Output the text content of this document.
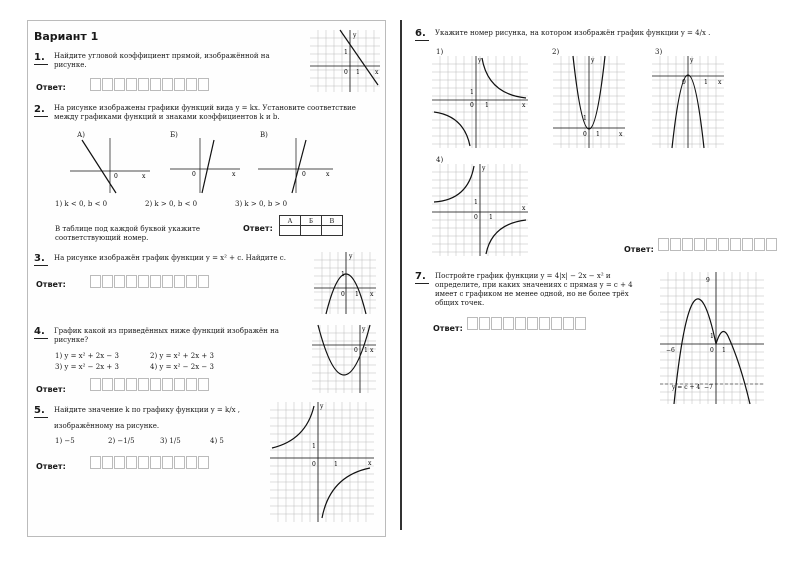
Вариант 1
1. Найдите угловой коэффициент прямой, изображённой на рисунке.
Ответ:
y
x
0 1
1
2. На рисунке изображены графики функций вида y = kx. Установите соответствие между графиками функций и знаками коэффициентов k и b.
А)	Б)	В)
0	x	0	x	0	x
1) k < 0, b < 0	2) k > 0, b < 0	3) k > 0, b > 0
В таблице под каждой буквой укажите соответствующий номер.
Ответ:
А	Б	В

3. На рисунке изображён график функции y = x² + c. Найдите c.
Ответ:
y
x
0 1
1
4. График какой из приведённых ниже функций изображён на рисунке?
1) y = x² + 2x − 3	2) y = x² + 2x + 3
3) y = x² − 2x + 3	4) y = x² − 2x − 3
Ответ:
y
x
0 1
5. Найдите значение k по графику функции y = k/x ,
изображённому на рисунке.
1) −5	2) −1/5	3) 1/5	4) 5
Ответ:
y
x
0	1
1
6. Укажите номер рисунка, на котором изображён график функции y = 4/x .
1)	2)	3)
4)
y
x
0 1
1
y
x
0 1
1
y
x
0	1
y
x
0 1
1
Ответ:
7. Постройте график функции y = 4|x| − 2x − x² и определите, при каких значениях c прямая y = c + 4 имеет с графиком не менее одной, но не более трёх общих точек.
Ответ:
9
1
−6	0 1
y = c + 4 −7
